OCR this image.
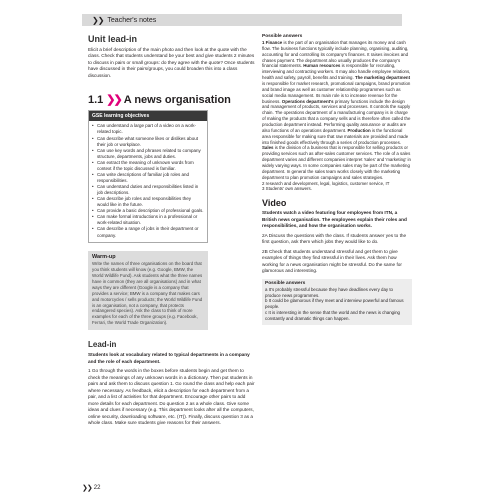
❯❯ Teacher's notes
Unit lead-in

Elicit a brief description of the main photo and then look at the quote with the class. Check that students understand be your best and give students 2 minutes to discuss in pairs or small groups: do they agree with the quote? Once students have discussed in their pairs/groups, you could broaden this into a class discussion.

1.1 ❯❯ A news organisation
GSE learning objectives
• Can understand a large part of a video on a work-related topic.
• Can describe what someone likes or dislikes about their job or workplace.
• Can use key words and phrases related to company structure, departments, jobs and duties.
• Can extract the meaning of unknown words from context if the topic discussed is familiar.
• Can write descriptions of familiar job roles and responsibilities.
• Can understand duties and responsibilities listed in job descriptions.
• Can describe job roles and responsibilities they would like in the future.
• Can provide a basic description of professional goals.
• Can make formal introductions in a professional or work-related situation.
• Can describe a range of jobs in their department or company.
Warm-up

Write the names of three organisations on the board that you think students will know (e.g. Google, BMW, the World Wildlife Fund). Ask students what the three names have in common (they are all organisations) and in what ways they are different (Google is a company that provides a service; BMW is a company that makes cars and motorcycles / sells products; the World Wildlife Fund is an organisation, not a company, that protects endangered species). Ask the class to think of more examples for each of the three groups (e.g. Facebook, Ferrari, the World Trade Organization).

Lead-in

Students look at vocabulary related to typical departments in a company and the role of each department.

1 Go through the words in the boxes before students begin and get them to check the meanings of any unknown words in a dictionary. Then put students in pairs and ask them to discuss question 1. Go round the class and help each pair where necessary. As feedback, elicit a description for each department from a pair, and a list of activities for that department. Encourage other pairs to add more details for each department. Do question 2 as a whole class. Give some ideas and clues if necessary (e.g. This department looks after all the computers, online security, downloading software, etc. (IT)). Finally, discuss question 3 as a whole class. Make sure students give reasons for their answers.

Possible answers
1 Finance is the part of an organisation that manages its money and cash flow. The business functions typically include planning, organising, auditing, accounting for and controlling its company's finances. It raises invoices and chases payment. The department also usually produces the company's financial statements. Human resources is responsible for recruiting, interviewing and contracting workers. It may also handle employee relations, health and safety, payroll, benefits and training. The marketing department is responsible for market research, promotional campaigns, brand promotion and brand image as well as customer relationship programmes such as social media management. Its main role is to increase revenue for the business. Operations department's primary functions include the design and management of products, services and processes. It controls the supply chain. The operations department of a manufacturing company is in charge of making the products that a company sells and is therefore often called the production department instead. Performing quality assurance or audits are also functions of an operations department. Production is the functional area responsible for making sure that raw materials are provided and made into finished goods effectively through a series of production processes. Sales is the division of a business that is responsible for selling products or providing services such as after-sales customer services. The role of a sales department varies and different companies interpret 'sales' and 'marketing' in widely varying ways. In some companies sales may be part of the marketing department. In general the sales team works closely with the marketing department to plan promotion campaigns and sales strategies.
2 research and development, legal, logistics, customer service, IT
3 Students' own answers.
Video

Students watch a video featuring four employees from ITN, a British news organisation. The employees explain their roles and responsibilities, and how the organisation works.

2A Discuss the questions with the class. If students answer yes to the first question, ask them which jobs they would like to do.

2B Check that students understand stressful and get them to give examples of things they find stressful in their lives. Ask them how working for a news organisation might be stressful. Do the same for glamorous and interesting.

Possible answers
a It's probably stressful because they have deadlines every day to produce news programmes.
b It could be glamorous if they meet and interview powerful and famous people.
c It is interesting in the sense that the world and the news is changing constantly and dramatic things can happen.
❯❯ 22
